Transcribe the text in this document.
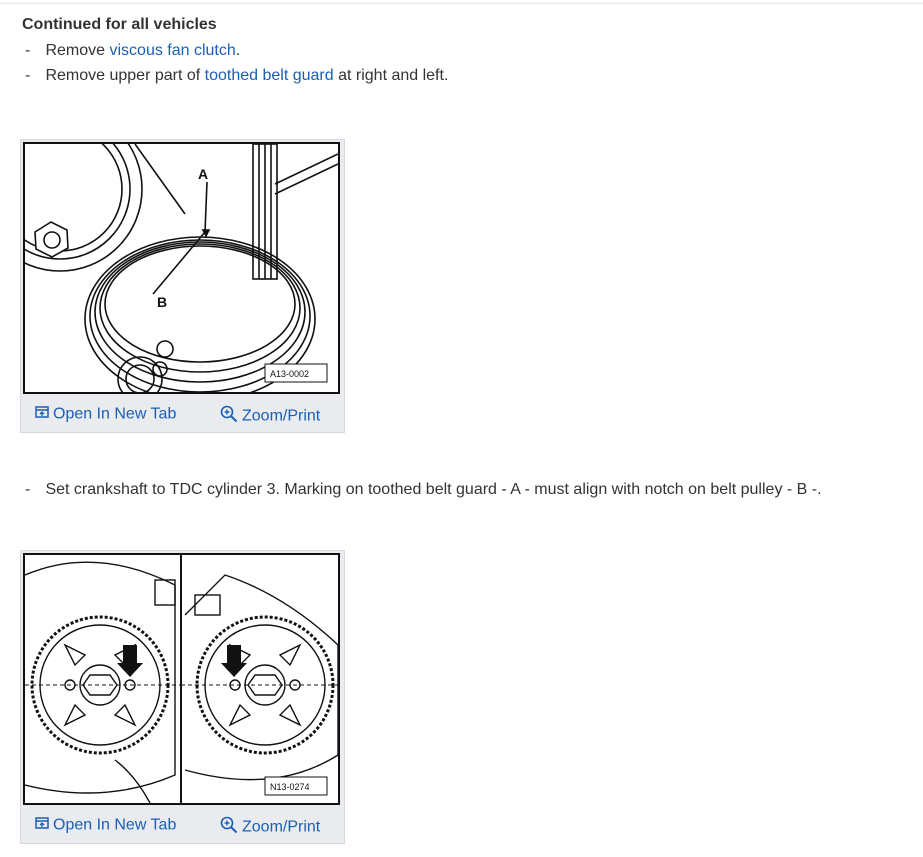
Continued for all vehicles
- Remove viscous fan clutch.
- Remove upper part of toothed belt guard at right and left.
A
B
A13-0002
Open In New Tab	Zoom/Print
- Set crankshaft to TDC cylinder 3. Marking on toothed belt guard - A - must align with notch on belt pulley - B -.
N13-0274
Open In New Tab	Zoom/Print
